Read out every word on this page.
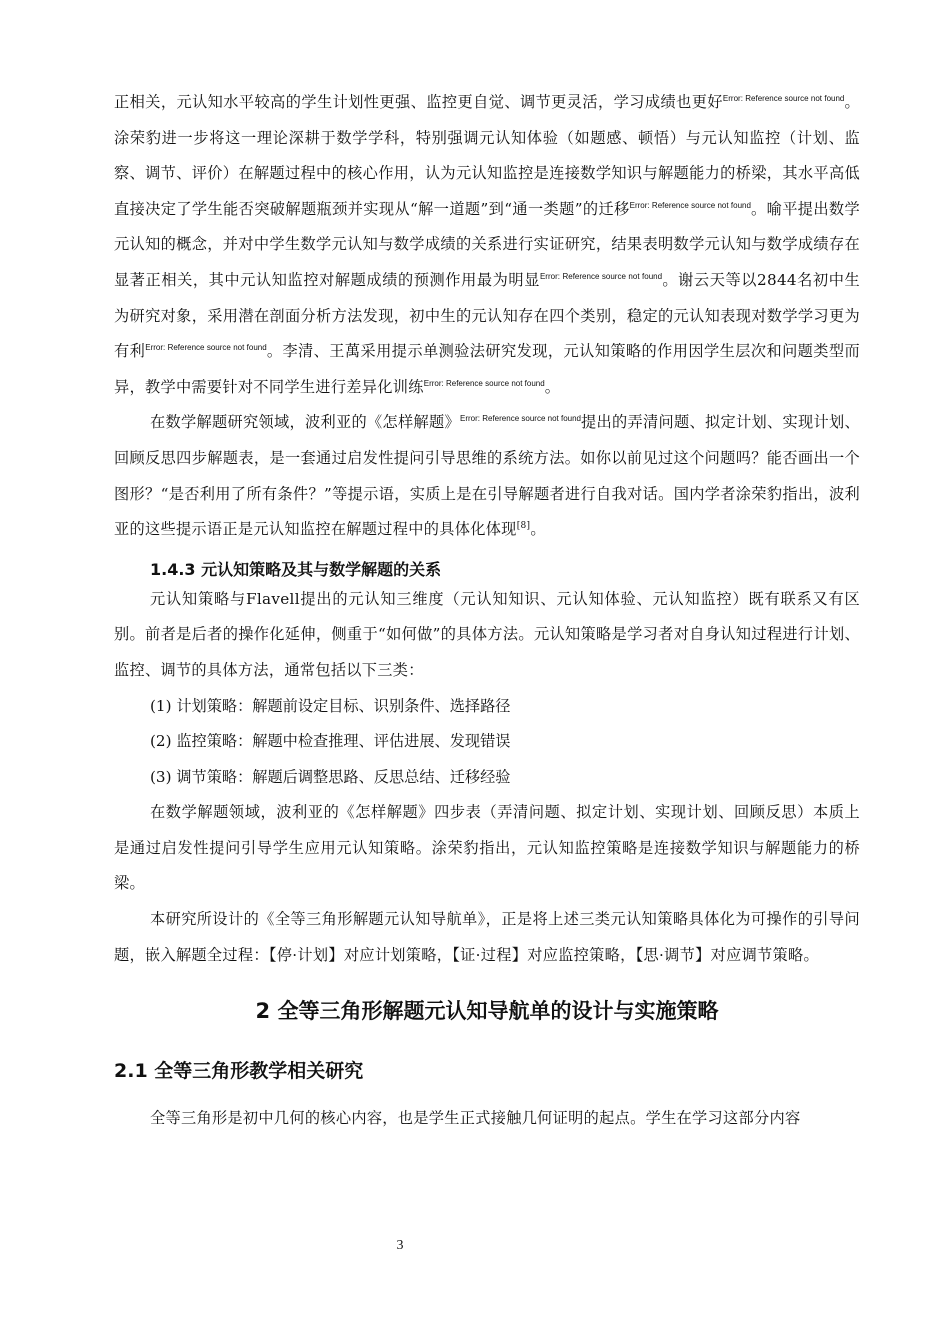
正相关，元认知水平较高的学生计划性更强、监控更自觉、调节更灵活，学习成绩也更好$^{Error: Reference source not found}$。涂荣豹进一步将这一理论深耕于数学学科，特别强调元认知体验（如题感、顿悟）与元认知监控（计划、监察、调节、评价）在解题过程中的核心作用，认为元认知监控是连接数学知识与解题能力的桥梁，其水平高低直接决定了学生能否突破解题瓶颈并实现从“解一道题”到“通一类题”的迁移$^{Error: Reference source not found}$。喻平提出数学元认知的概念，并对中学生数学元认知与数学成绩的关系进行实证研究，结果表明数学元认知与数学成绩存在显著正相关，其中元认知监控对解题成绩的预测作用最为明显$^{Error: Reference source not found}$。谢云天等以2844名初中生为研究对象，采用潜在剖面分析方法发现，初中生的元认知存在四个类别，稳定的元认知表现对数学学习更为有利$^{Error: Reference source not found}$。李清、王萬采用提示单测验法研究发现，元认知策略的作用因学生层次和问题类型而异，教学中需要针对不同学生进行差异化训练$^{Error: Reference source not found}$。

在数学解题研究领域，波利亚的《怎样解题》$^{Error: Reference source not found}$提出的弄清问题、拟定计划、实现计划、回顾反思四步解题表，是一套通过启发性提问引导思维的系统方法。如你以前见过这个问题吗？能否画出一个图形？“是否利用了所有条件？”等提示语，实质上是在引导解题者进行自我对话。国内学者涂荣豹指出，波利亚的这些提示语正是元认知监控在解题过程中的具体化体现[8]。

1.4.3 元认知策略及其与数学解题的关系

元认知策略与Flavell提出的元认知三维度（元认知知识、元认知体验、元认知监控）既有联系又有区别。前者是后者的操作化延伸，侧重于“如何做”的具体方法。元认知策略是学习者对自身认知过程进行计划、监控、调节的具体方法，通常包括以下三类：

(1) 计划策略：解题前设定目标、识别条件、选择路径

(2) 监控策略：解题中检查推理、评估进展、发现错误

(3) 调节策略：解题后调整思路、反思总结、迁移经验

在数学解题领域，波利亚的《怎样解题》四步表（弄清问题、拟定计划、实现计划、回顾反思）本质上是通过启发性提问引导学生应用元认知策略。涂荣豹指出，元认知监控策略是连接数学知识与解题能力的桥梁。

本研究所设计的《全等三角形解题元认知导航单》，正是将上述三类元认知策略具体化为可操作的引导问题，嵌入解题全过程：【停·计划】对应计划策略，【证·过程】对应监控策略，【思·调节】对应调节策略。

2 全等三角形解题元认知导航单的设计与实施策略
2.1 全等三角形教学相关研究

全等三角形是初中几何的核心内容，也是学生正式接触几何证明的起点。学生在学习这部分内容

3
